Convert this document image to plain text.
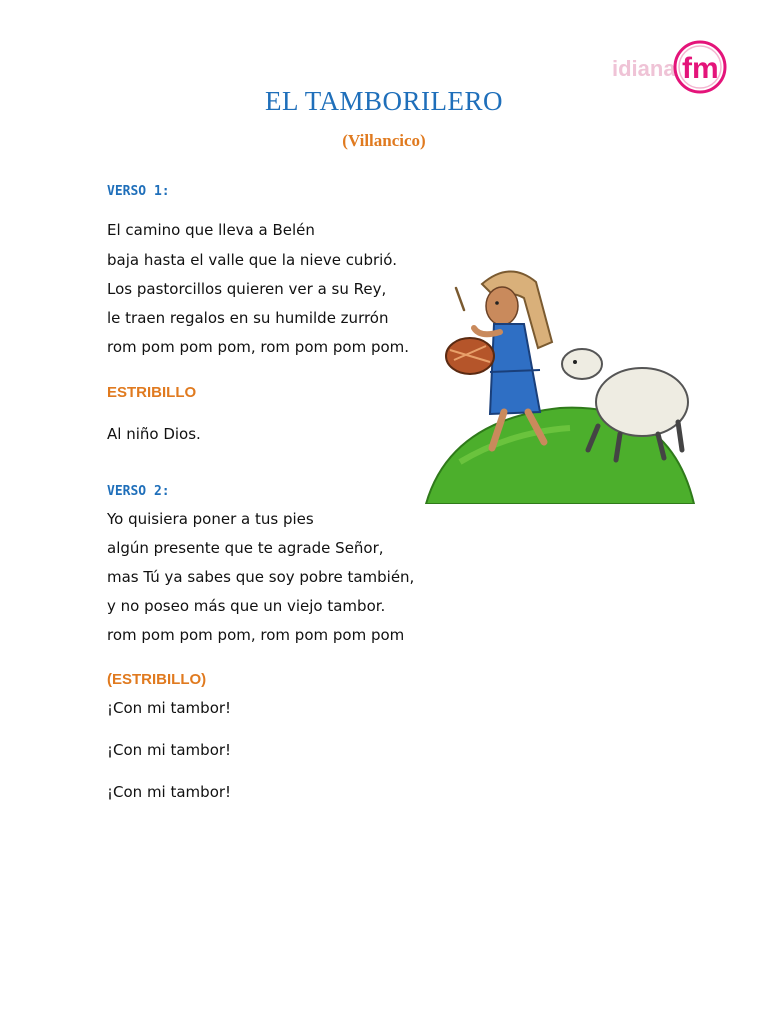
idiana fm
EL TAMBORILERO
(Villancico)
VERSO 1:
El camino que lleva a Belén
baja hasta el valle que la nieve cubrió.
Los pastorcillos quieren ver a su Rey,
le traen regalos en su humilde zurrón
rom pom pom pom, rom pom pom pom.
ESTRIBILLO
Al niño Dios.
VERSO 2:
Yo quisiera poner a tus pies
algún presente que te agrade Señor,
mas Tú ya sabes que soy pobre también,
y no poseo más que un viejo tambor.
rom pom pom pom, rom pom pom pom
(ESTRIBILLO)
¡Con mi tambor!
¡Con mi tambor!
¡Con mi tambor!
